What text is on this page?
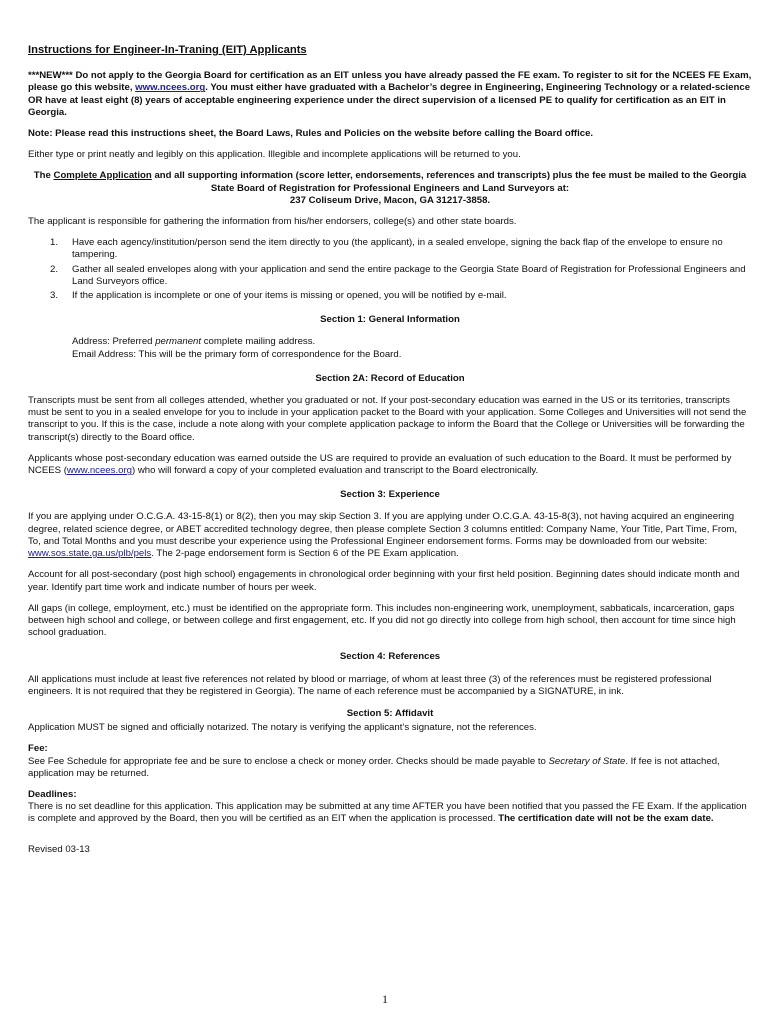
Instructions for Engineer-In-Traning (EIT) Applicants

***NEW*** Do not apply to the Georgia Board for certification as an EIT unless you have already passed the FE exam. To register to sit for the NCEES FE Exam, please go this website, www.ncees.org. You must either have graduated with a Bachelor’s degree in Engineering, Engineering Technology or a related-science OR have at least eight (8) years of acceptable engineering experience under the direct supervision of a licensed PE to qualify for certification as an EIT in Georgia.

Note: Please read this instructions sheet, the Board Laws, Rules and Policies on the website before calling the Board office.

Either type or print neatly and legibly on this application. Illegible and incomplete applications will be returned to you.

The Complete Application and all supporting information (score letter, endorsements, references and transcripts) plus the fee must be mailed to the Georgia State Board of Registration for Professional Engineers and Land Surveyors at:
237 Coliseum Drive, Macon, GA 31217-3858.

The applicant is responsible for gathering the information from his/her endorsers, college(s) and other state boards.

1. Have each agency/institution/person send the item directly to you (the applicant), in a sealed envelope, signing the back flap of the envelope to ensure no tampering.
2. Gather all sealed envelopes along with your application and send the entire package to the Georgia State Board of Registration for Professional Engineers and Land Surveyors office.
3. If the application is incomplete or one of your items is missing or opened, you will be notified by e-mail.
Section 1: General Information
Address: Preferred permanent complete mailing address.
Email Address: This will be the primary form of correspondence for the Board.
Section 2A: Record of Education

Transcripts must be sent from all colleges attended, whether you graduated or not. If your post-secondary education was earned in the US or its territories, transcripts must be sent to you in a sealed envelope for you to include in your application packet to the Board with your application. Some Colleges and Universities will not send the transcript to you. If this is the case, include a note along with your complete application package to inform the Board that the College or Universities will be forwarding the transcript(s) directly to the Board office.

Applicants whose post-secondary education was earned outside the US are required to provide an evaluation of such education to the Board. It must be performed by NCEES (www.ncees.org) who will forward a copy of your completed evaluation and transcript to the Board electronically.

Section 3: Experience

If you are applying under O.C.G.A. 43-15-8(1) or 8(2), then you may skip Section 3. If you are applying under O.C.G.A. 43-15-8(3), not having acquired an engineering degree, related science degree, or ABET accredited technology degree, then please complete Section 3 columns entitled: Company Name, Your Title, Part Time, From, To, and Total Months and you must describe your experience using the Professional Engineer endorsement forms. Forms may be downloaded from our website: www.sos.state.ga.us/plb/pels. The 2-page endorsement form is Section 6 of the PE Exam application.

Account for all post-secondary (post high school) engagements in chronological order beginning with your first held position. Beginning dates should indicate month and year. Identify part time work and indicate number of hours per week.

All gaps (in college, employment, etc.) must be identified on the appropriate form. This includes non-engineering work, unemployment, sabbaticals, incarceration, gaps between high school and college, or between college and first engagement, etc. If you did not go directly into college from high school, then account for time since high school graduation.

Section 4: References

All applications must include at least five references not related by blood or marriage, of whom at least three (3) of the references must be registered professional engineers. It is not required that they be registered in Georgia). The name of each reference must be accompanied by a SIGNATURE, in ink.

Section 5: Affidavit

Application MUST be signed and officially notarized. The notary is verifying the applicant’s signature, not the references.

Fee:

See Fee Schedule for appropriate fee and be sure to enclose a check or money order. Checks should be made payable to Secretary of State. If fee is not attached, application may be returned.

Deadlines:

There is no set deadline for this application. This application may be submitted at any time AFTER you have been notified that you passed the FE Exam. If the application is complete and approved by the Board, then you will be certified as an EIT when the application is processed. The certification date will not be the exam date.

Revised 03-13
1
